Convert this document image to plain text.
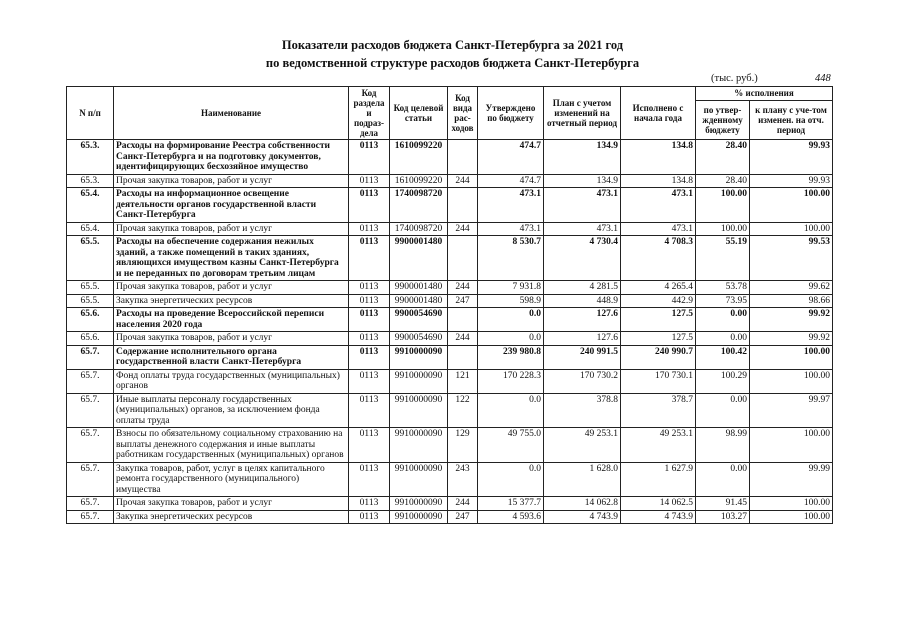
Показатели расходов бюджета Санкт-Петербурга за 2021 год
по ведомственной структуре расходов бюджета Санкт-Петербурга
(тыс. руб.)	448
N п/п	Наименование	Код раздела и подраз-дела	Код целевой статьи	Код вида рас-ходов	Утверждено по бюджету	План с учетом изменений на отчетный период	Исполнено с начала года	% исполнения	
								по утвер-жденному бюджету	к плану с уче-том изменен. на отч. период
65.3.	Расходы на формирование Реестра собственности Санкт-Петербурга и на подготовку документов, идентифицирующих бесхозяйное имущество	0113	1610099220		474.7	134.9	134.8	28.40	99.93
65.3.	Прочая закупка товаров, работ и услуг	0113	1610099220	244	474.7	134.9	134.8	28.40	99.93
65.4.	Расходы на информационное освещение деятельности органов государственной власти Санкт-Петербурга	0113	1740098720		473.1	473.1	473.1	100.00	100.00
65.4.	Прочая закупка товаров, работ и услуг	0113	1740098720	244	473.1	473.1	473.1	100.00	100.00
65.5.	Расходы на обеспечение содержания нежилых зданий, а также помещений в таких зданиях, являющихся имуществом казны Санкт-Петербурга и не переданных по договорам третьим лицам	0113	9900001480		8 530.7	4 730.4	4 708.3	55.19	99.53
65.5.	Прочая закупка товаров, работ и услуг	0113	9900001480	244	7 931.8	4 281.5	4 265.4	53.78	99.62
65.5.	Закупка энергетических ресурсов	0113	9900001480	247	598.9	448.9	442.9	73.95	98.66
65.6.	Расходы на проведение Всероссийской переписи населения 2020 года	0113	9900054690		0.0	127.6	127.5	0.00	99.92
65.6.	Прочая закупка товаров, работ и услуг	0113	9900054690	244	0.0	127.6	127.5	0.00	99.92
65.7.	Содержание исполнительного органа государственной власти Санкт-Петербурга	0113	9910000090		239 980.8	240 991.5	240 990.7	100.42	100.00
65.7.	Фонд оплаты труда государственных (муниципальных) органов	0113	9910000090	121	170 228.3	170 730.2	170 730.1	100.29	100.00
65.7.	Иные выплаты персоналу государственных (муниципальных) органов, за исключением фонда оплаты труда	0113	9910000090	122	0.0	378.8	378.7	0.00	99.97
65.7.	Взносы по обязательному социальному страхованию на выплаты денежного содержания и иные выплаты работникам государственных (муниципальных) органов	0113	9910000090	129	49 755.0	49 253.1	49 253.1	98.99	100.00
65.7.	Закупка товаров, работ, услуг в целях капитального ремонта государственного (муниципального) имущества	0113	9910000090	243	0.0	1 628.0	1 627.9	0.00	99.99
65.7.	Прочая закупка товаров, работ и услуг	0113	9910000090	244	15 377.7	14 062.8	14 062.5	91.45	100.00
65.7.	Закупка энергетических ресурсов	0113	9910000090	247	4 593.6	4 743.9	4 743.9	103.27	100.00
